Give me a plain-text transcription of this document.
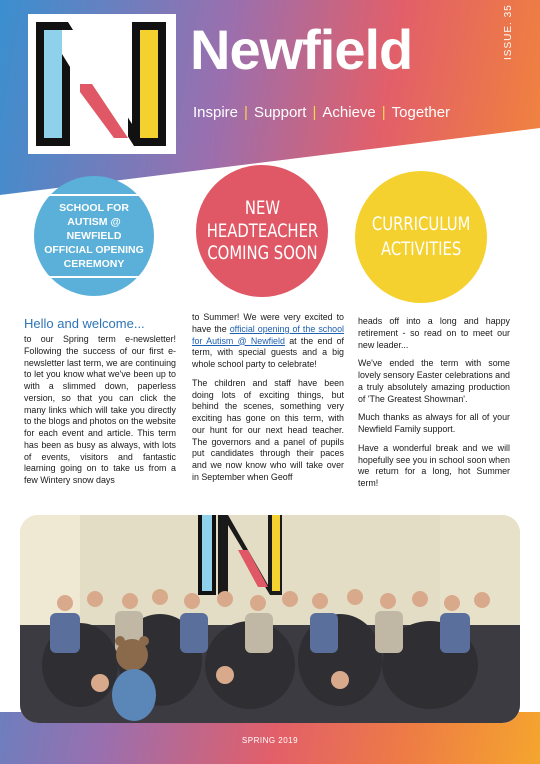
Newfield
Inspire | Support | Achieve | Together
ISSUE. 35
SCHOOL FOR
AUTISM @ NEWFIELD
OFFICIAL OPENING
CEREMONY
NEW
HEADTEACHER
COMING SOON
CURRICULUM
ACTIVITIES
Hello and welcome...

to our Spring term e-newsletter! Following the success of our first e-newsletter last term, we are continuing to let you know what we've been up to with a slimmed down, paperless version, so that you can click the many links which will take you directly to the blogs and photos on the website for each event and article. This term has been as busy as always, with lots of events, visitors and fantastic learning going on to take us from a few Wintery snow days

to Summer! We were very excited to have the official opening of the school for Autism @ Newfield at the end of term, with special guests and a big whole school party to celebrate!

The children and staff have been doing lots of exciting things, but behind the scenes, something very exciting has gone on this term, with our hunt for our next head teacher. The governors and a panel of pupils put candidates through their paces and we now know who will take over in September when Geoff

heads off into a long and happy retirement - so read on to meet our new leader...

We've ended the term with some lovely sensory Easter celebrations and a truly absolutely amazing production of 'The Greatest Showman'.

Much thanks as always for all of your Newfield Family support.

Have a wonderful break and we will hopefully see you in school soon when we return for a long, hot Summer term!

SPRING 2019
